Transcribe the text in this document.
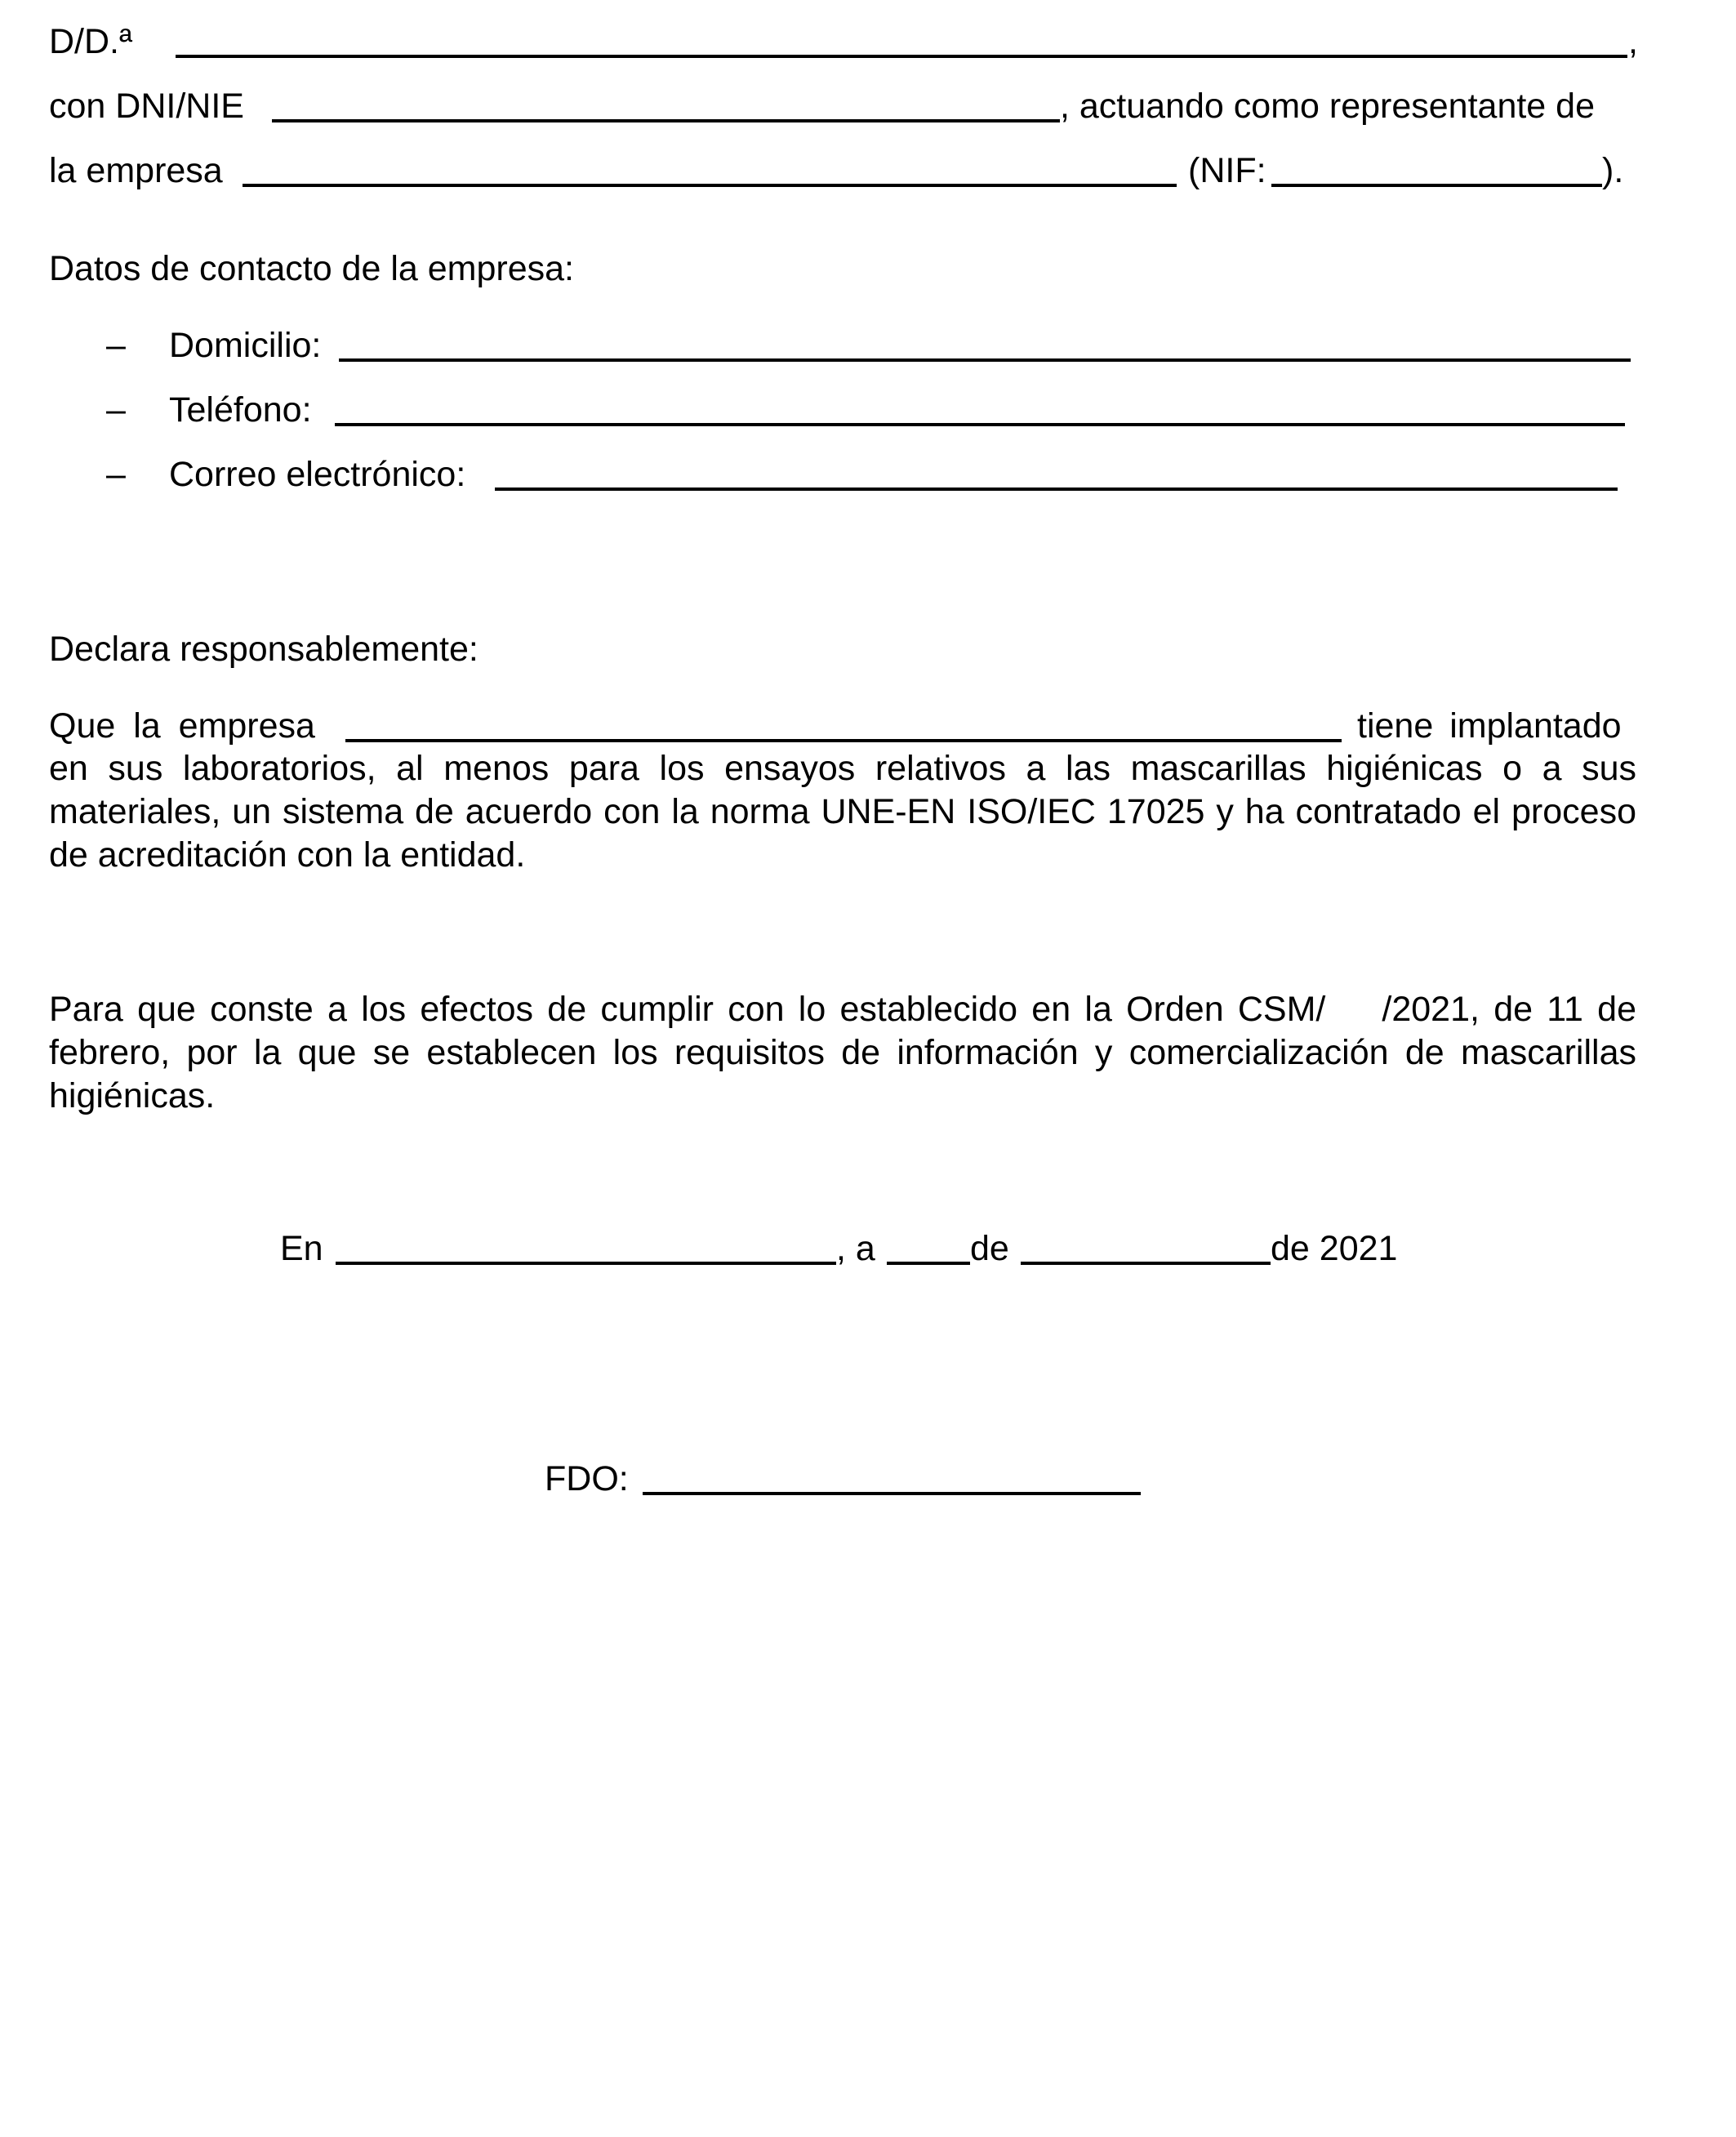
D/D.ª	,
con DNI/NIE	, actuando como representante de
la empresa	(NIF:	).
Datos de contacto de la empresa:
– Domicilio:
– Teléfono:
– Correo electrónico:
Declara responsablemente:
Que la empresa	tiene implantado
en sus laboratorios, al menos para los ensayos relativos a las mascarillas higiénicas o a sus materiales, un sistema de acuerdo con la norma UNE-EN ISO/IEC 17025 y ha contratado el proceso de acreditación con la entidad.
Para que conste a los efectos de cumplir con lo establecido en la Orden CSM/    /2021, de 11 de febrero, por la que se establecen los requisitos de información y comercialización de mascarillas higiénicas.
En	, a	de	de 2021
FDO:
